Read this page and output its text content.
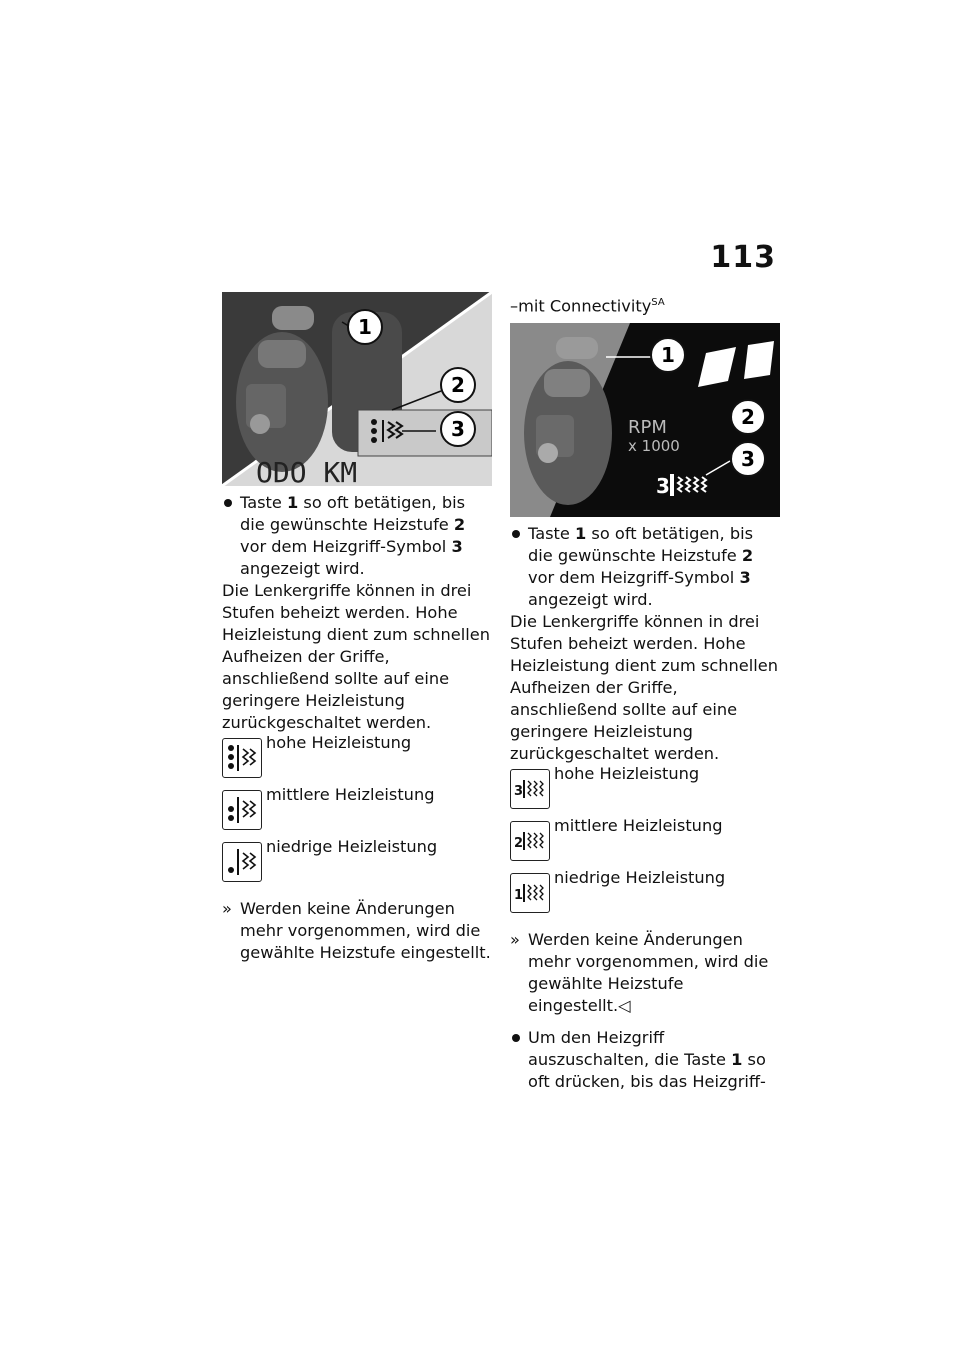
113
1
2
3
ODO KM
Taste 1 so oft betätigen, bis die gewünschte Heizstufe 2 vor dem Heizgriff-Symbol 3 angezeigt wird.
Die Lenkergriffe können in drei Stufen beheizt werden. Hohe Heizleistung dient zum schnellen Aufheizen der Griffe, anschließend sollte auf eine geringere Heizleistung zurückgeschaltet werden.
hohe Heizleistung
mittlere Heizleistung
niedrige Heizleistung
» Werden keine Änderungen mehr vorgenommen, wird die gewählte Heizstufe eingestellt.
–mit Connectivity$^{SA}$
RPM
x 1000
3
1
2
3
Taste 1 so oft betätigen, bis die gewünschte Heizstufe 2 vor dem Heizgriff-Symbol 3 angezeigt wird.
Die Lenkergriffe können in drei Stufen beheizt werden. Hohe Heizleistung dient zum schnellen Aufheizen der Griffe, anschließend sollte auf eine geringere Heizleistung zurückgeschaltet werden.
3
hohe Heizleistung
2
mittlere Heizleistung
1
niedrige Heizleistung
» Werden keine Änderungen mehr vorgenommen, wird die gewählte Heizstufe eingestellt.◁
Um den Heizgriff auszuschalten, die Taste 1 so oft drücken, bis das Heizgriff-
